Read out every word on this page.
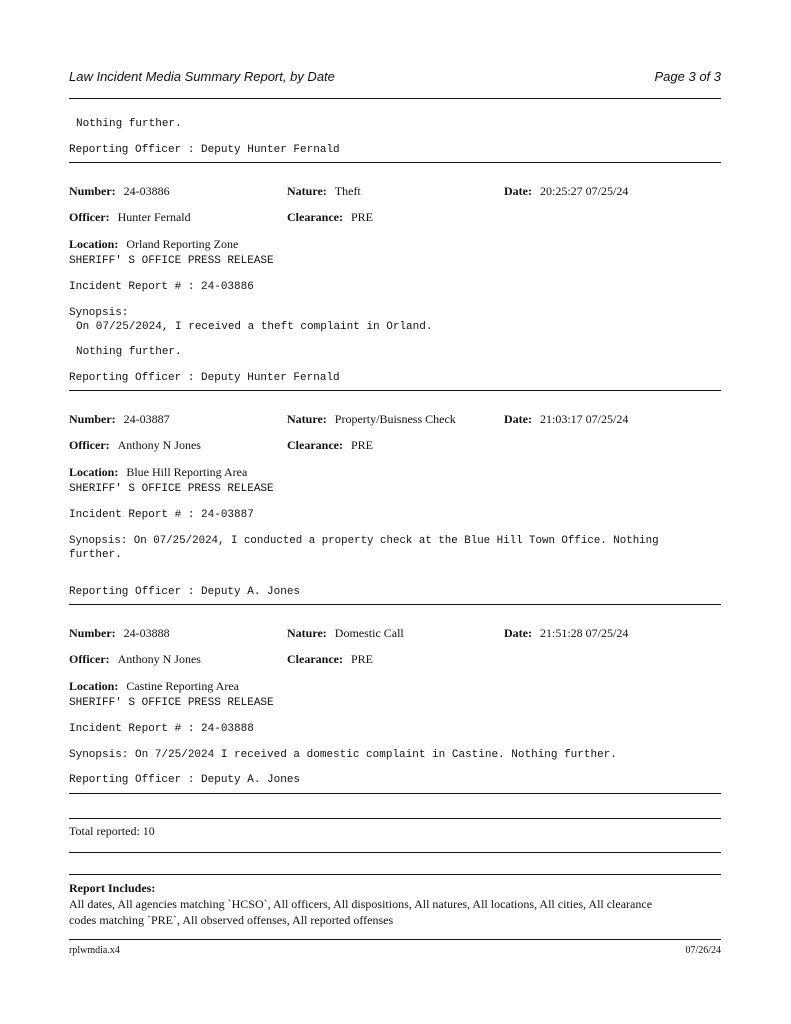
Law Incident Media Summary Report, by Date	Page 3 of 3
Nothing further.
Reporting Officer : Deputy Hunter Fernald
Number: 24-03886	Nature: Theft	Date: 20:25:27 07/25/24
Officer: Hunter Fernald	Clearance: PRE
Location: Orland Reporting Zone
SHERIFF' S OFFICE PRESS RELEASE
Incident Report # : 24-03886
Synopsis:
On 07/25/2024, I received a theft complaint in Orland.
Nothing further.
Reporting Officer : Deputy Hunter Fernald
Number: 24-03887	Nature: Property/Buisness Check	Date: 21:03:17 07/25/24
Officer: Anthony N Jones	Clearance: PRE
Location: Blue Hill Reporting Area
SHERIFF' S OFFICE PRESS RELEASE
Incident Report # : 24-03887
Synopsis: On 07/25/2024, I conducted a property check at the Blue Hill Town Office. Nothing
further.
Reporting Officer : Deputy A. Jones
Number: 24-03888	Nature: Domestic Call	Date: 21:51:28 07/25/24
Officer: Anthony N Jones	Clearance: PRE
Location: Castine Reporting Area
SHERIFF' S OFFICE PRESS RELEASE
Incident Report # : 24-03888
Synopsis: On 7/25/2024 I received a domestic complaint in Castine. Nothing further.
Reporting Officer : Deputy A. Jones
Total reported: 10
Report Includes:
All dates, All agencies matching `HCSO`, All officers, All dispositions, All natures, All locations, All cities, All clearance
codes matching `PRE`, All observed offenses, All reported offenses
rplwmdia.x4	07/26/24
